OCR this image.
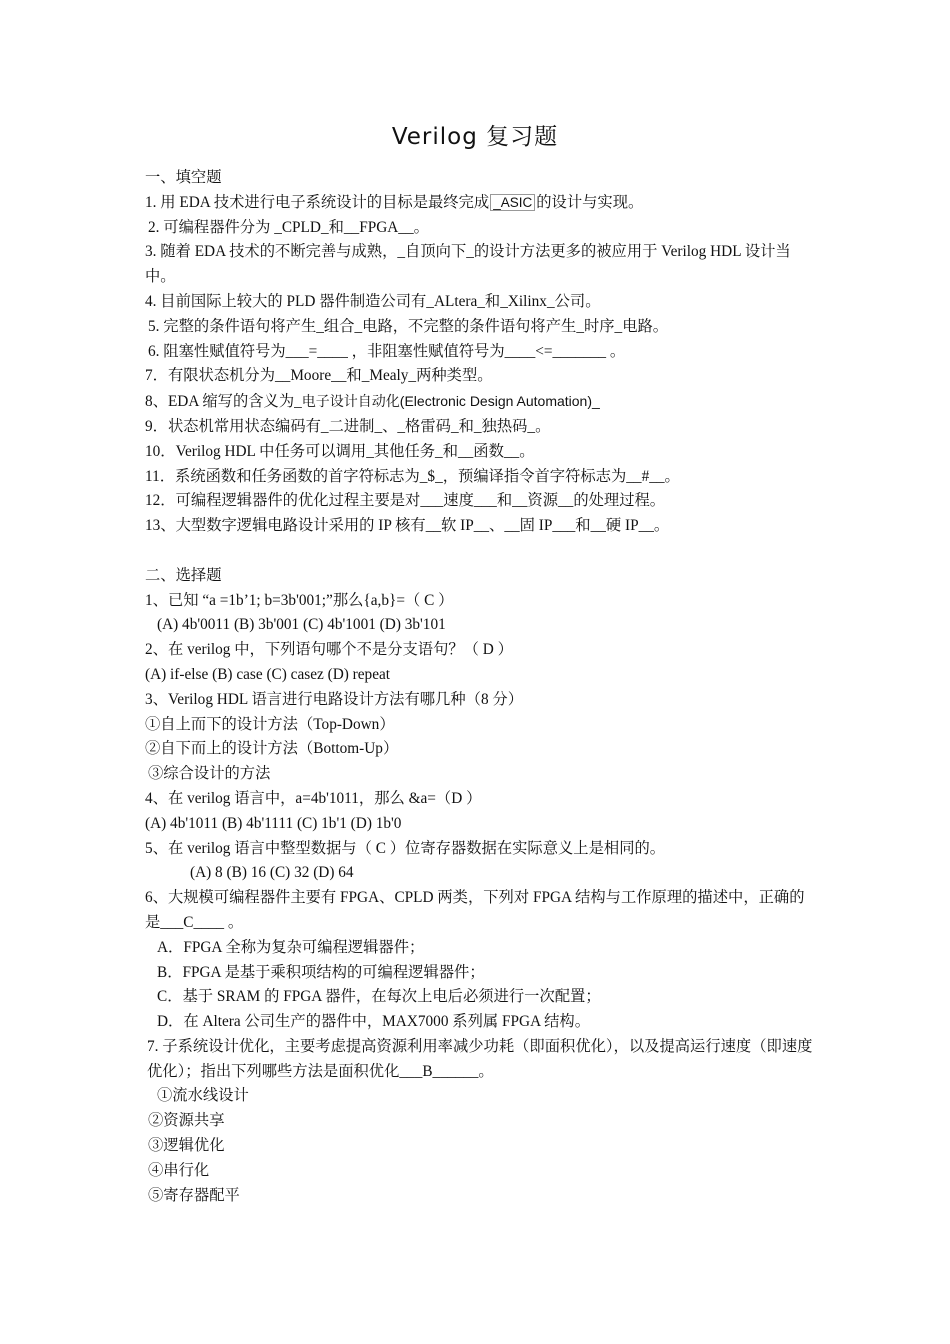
Verilog 复习题
一、填空题
1. 用 EDA 技术进行电子系统设计的目标是最终完成 _ASIC 的设计与实现。
2. 可编程器件分为 _CPLD_和__FPGA__。
3. 随着 EDA 技术的不断完善与成熟，_自顶向下_的设计方法更多的被应用于 Verilog HDL 设计当中。
4. 目前国际上较大的 PLD 器件制造公司有_ALtera_和_Xilinx_公司。
5. 完整的条件语句将产生_组合_电路，不完整的条件语句将产生_时序_电路。
6. 阻塞性赋值符号为___=____ ，非阻塞性赋值符号为____<=_______ 。
7．有限状态机分为__Moore__和_Mealy_两种类型。
8、EDA 缩写的含义为_电子设计自动化(Electronic Design Automation)_
9．状态机常用状态编码有_二进制_、_格雷码_和_独热码_。
10．Verilog HDL 中任务可以调用_其他任务_和__函数__。
11．系统函数和任务函数的首字符标志为_$_，预编译指令首字符标志为__#__。
12．可编程逻辑器件的优化过程主要是对___速度___和__资源__的处理过程。
13、大型数字逻辑电路设计采用的 IP 核有__软 IP__、__固 IP___和__硬 IP__。
二、选择题
1、已知 “a =1b’1; b=3b'001;”那么{a,b}=（ C ）
(A) 4b'0011 (B) 3b'001 (C) 4b'1001 (D) 3b'101
2、在 verilog 中，下列语句哪个不是分支语句？（ D ）
(A) if-else (B) case (C) casez (D) repeat
3、Verilog HDL 语言进行电路设计方法有哪几种（8 分）
①自上而下的设计方法（Top-Down）
②自下而上的设计方法（Bottom-Up）
③综合设计的方法
4、在 verilog 语言中，a=4b'1011，那么 &a=（D ）
(A) 4b'1011 (B) 4b'1111 (C) 1b'1 (D) 1b'0
5、在 verilog 语言中整型数据与（ C ）位寄存器数据在实际意义上是相同的。
(A) 8 (B) 16 (C) 32 (D) 64
6、大规模可编程器件主要有 FPGA、CPLD 两类，下列对 FPGA 结构与工作原理的描述中，正确的是___C____ 。
A．FPGA 全称为复杂可编程逻辑器件；
B．FPGA 是基于乘积项结构的可编程逻辑器件；
C．基于 SRAM 的 FPGA 器件，在每次上电后必须进行一次配置；
D．在 Altera 公司生产的器件中，MAX7000 系列属 FPGA 结构。
7. 子系统设计优化，主要考虑提高资源利用率减少功耗（即面积优化），以及提高运行速度（即速度优化）；指出下列哪些方法是面积优化___B______。
①流水线设计
②资源共享
③逻辑优化
④串行化
⑤寄存器配平
